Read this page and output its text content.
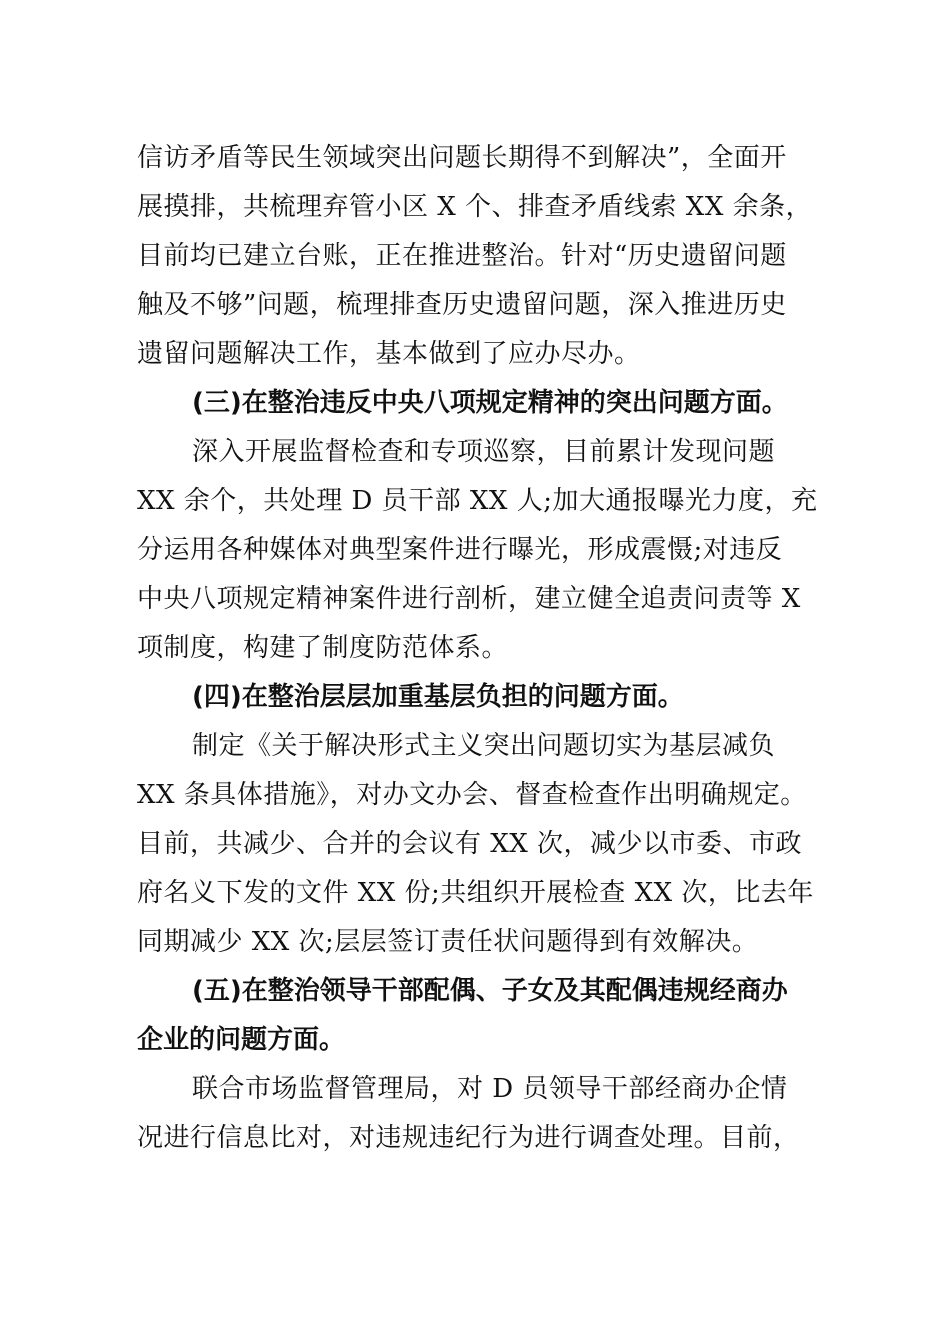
信访矛盾等民生领域突出问题长期得不到解决”，全面开
展摸排，共梳理弃管小区 X 个、排查矛盾线索 XX 余条，
目前均已建立台账，正在推进整治。针对“历史遗留问题
触及不够”问题，梳理排查历史遗留问题，深入推进历史
遗留问题解决工作，基本做到了应办尽办。
(三)在整治违反中央八项规定精神的突出问题方面。
深入开展监督检查和专项巡察，目前累计发现问题
XX 余个，共处理 D 员干部 XX 人;加大通报曝光力度，充
分运用各种媒体对典型案件进行曝光，形成震慑;对违反
中央八项规定精神案件进行剖析，建立健全追责问责等 X
项制度，构建了制度防范体系。
(四)在整治层层加重基层负担的问题方面。
制定《关于解决形式主义突出问题切实为基层减负
XX 条具体措施》，对办文办会、督查检查作出明确规定。
目前，共减少、合并的会议有 XX 次，减少以市委、市政
府名义下发的文件 XX 份;共组织开展检查 XX 次，比去年
同期减少 XX 次;层层签订责任状问题得到有效解决。
(五)在整治领导干部配偶、子女及其配偶违规经商办
企业的问题方面。
联合市场监督管理局，对 D 员领导干部经商办企情
况进行信息比对，对违规违纪行为进行调查处理。目前，
